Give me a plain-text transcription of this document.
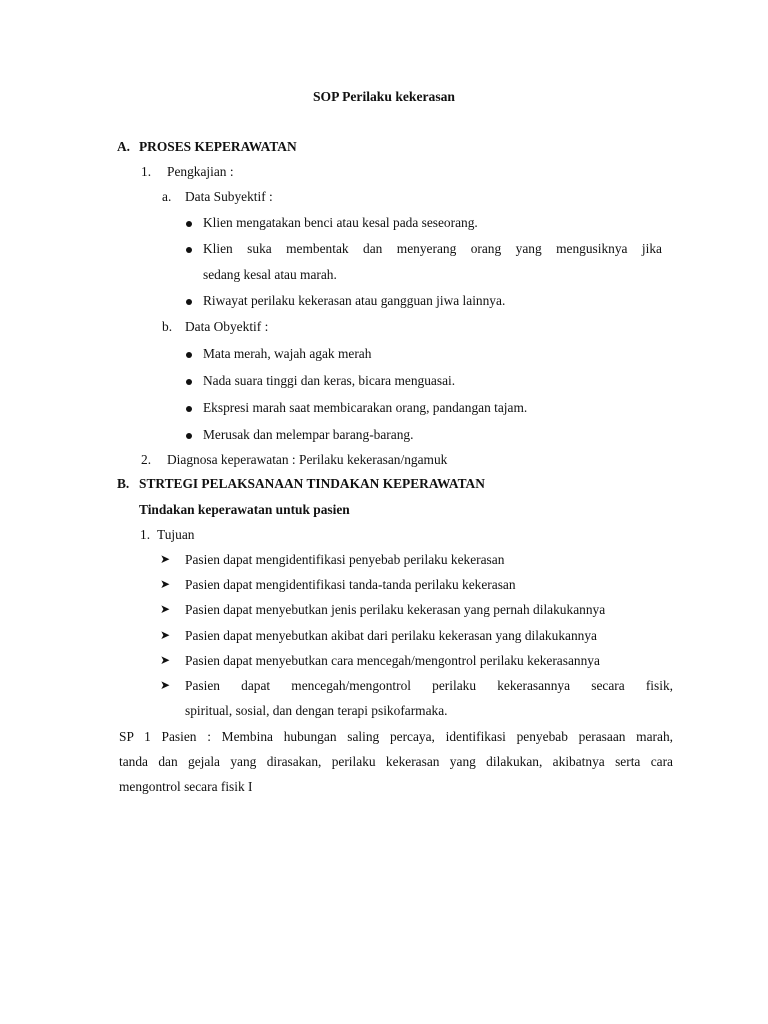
SOP Perilaku kekerasan
A. PROSES KEPERAWATAN
1. Pengkajian :
a. Data Subyektif :
Klien mengatakan benci atau kesal pada seseorang.
Klien suka membentak dan menyerang orang yang mengusiknya jika
sedang kesal atau marah.
Riwayat perilaku kekerasan atau gangguan jiwa lainnya.
b. Data Obyektif :
Mata merah, wajah agak merah
Nada suara tinggi dan keras, bicara menguasai.
Ekspresi marah saat membicarakan orang, pandangan tajam.
Merusak dan melempar barang-barang.
2. Diagnosa keperawatan : Perilaku kekerasan/ngamuk
B. STRTEGI PELAKSANAAN TINDAKAN KEPERAWATAN
Tindakan keperawatan untuk pasien
1. Tujuan
➤ Pasien dapat mengidentifikasi penyebab perilaku kekerasan
➤ Pasien dapat mengidentifikasi tanda-tanda perilaku kekerasan
➤ Pasien dapat menyebutkan jenis perilaku kekerasan yang pernah dilakukannya
➤ Pasien dapat menyebutkan akibat dari perilaku kekerasan yang dilakukannya
➤ Pasien dapat menyebutkan cara mencegah/mengontrol perilaku kekerasannya
➤ Pasien dapat mencegah/mengontrol perilaku kekerasannya secara fisik,
spiritual, sosial, dan dengan terapi psikofarmaka.
SP 1 Pasien : Membina hubungan saling percaya, identifikasi penyebab perasaan marah,
tanda dan gejala yang dirasakan, perilaku kekerasan yang dilakukan, akibatnya serta cara
mengontrol secara fisik I
